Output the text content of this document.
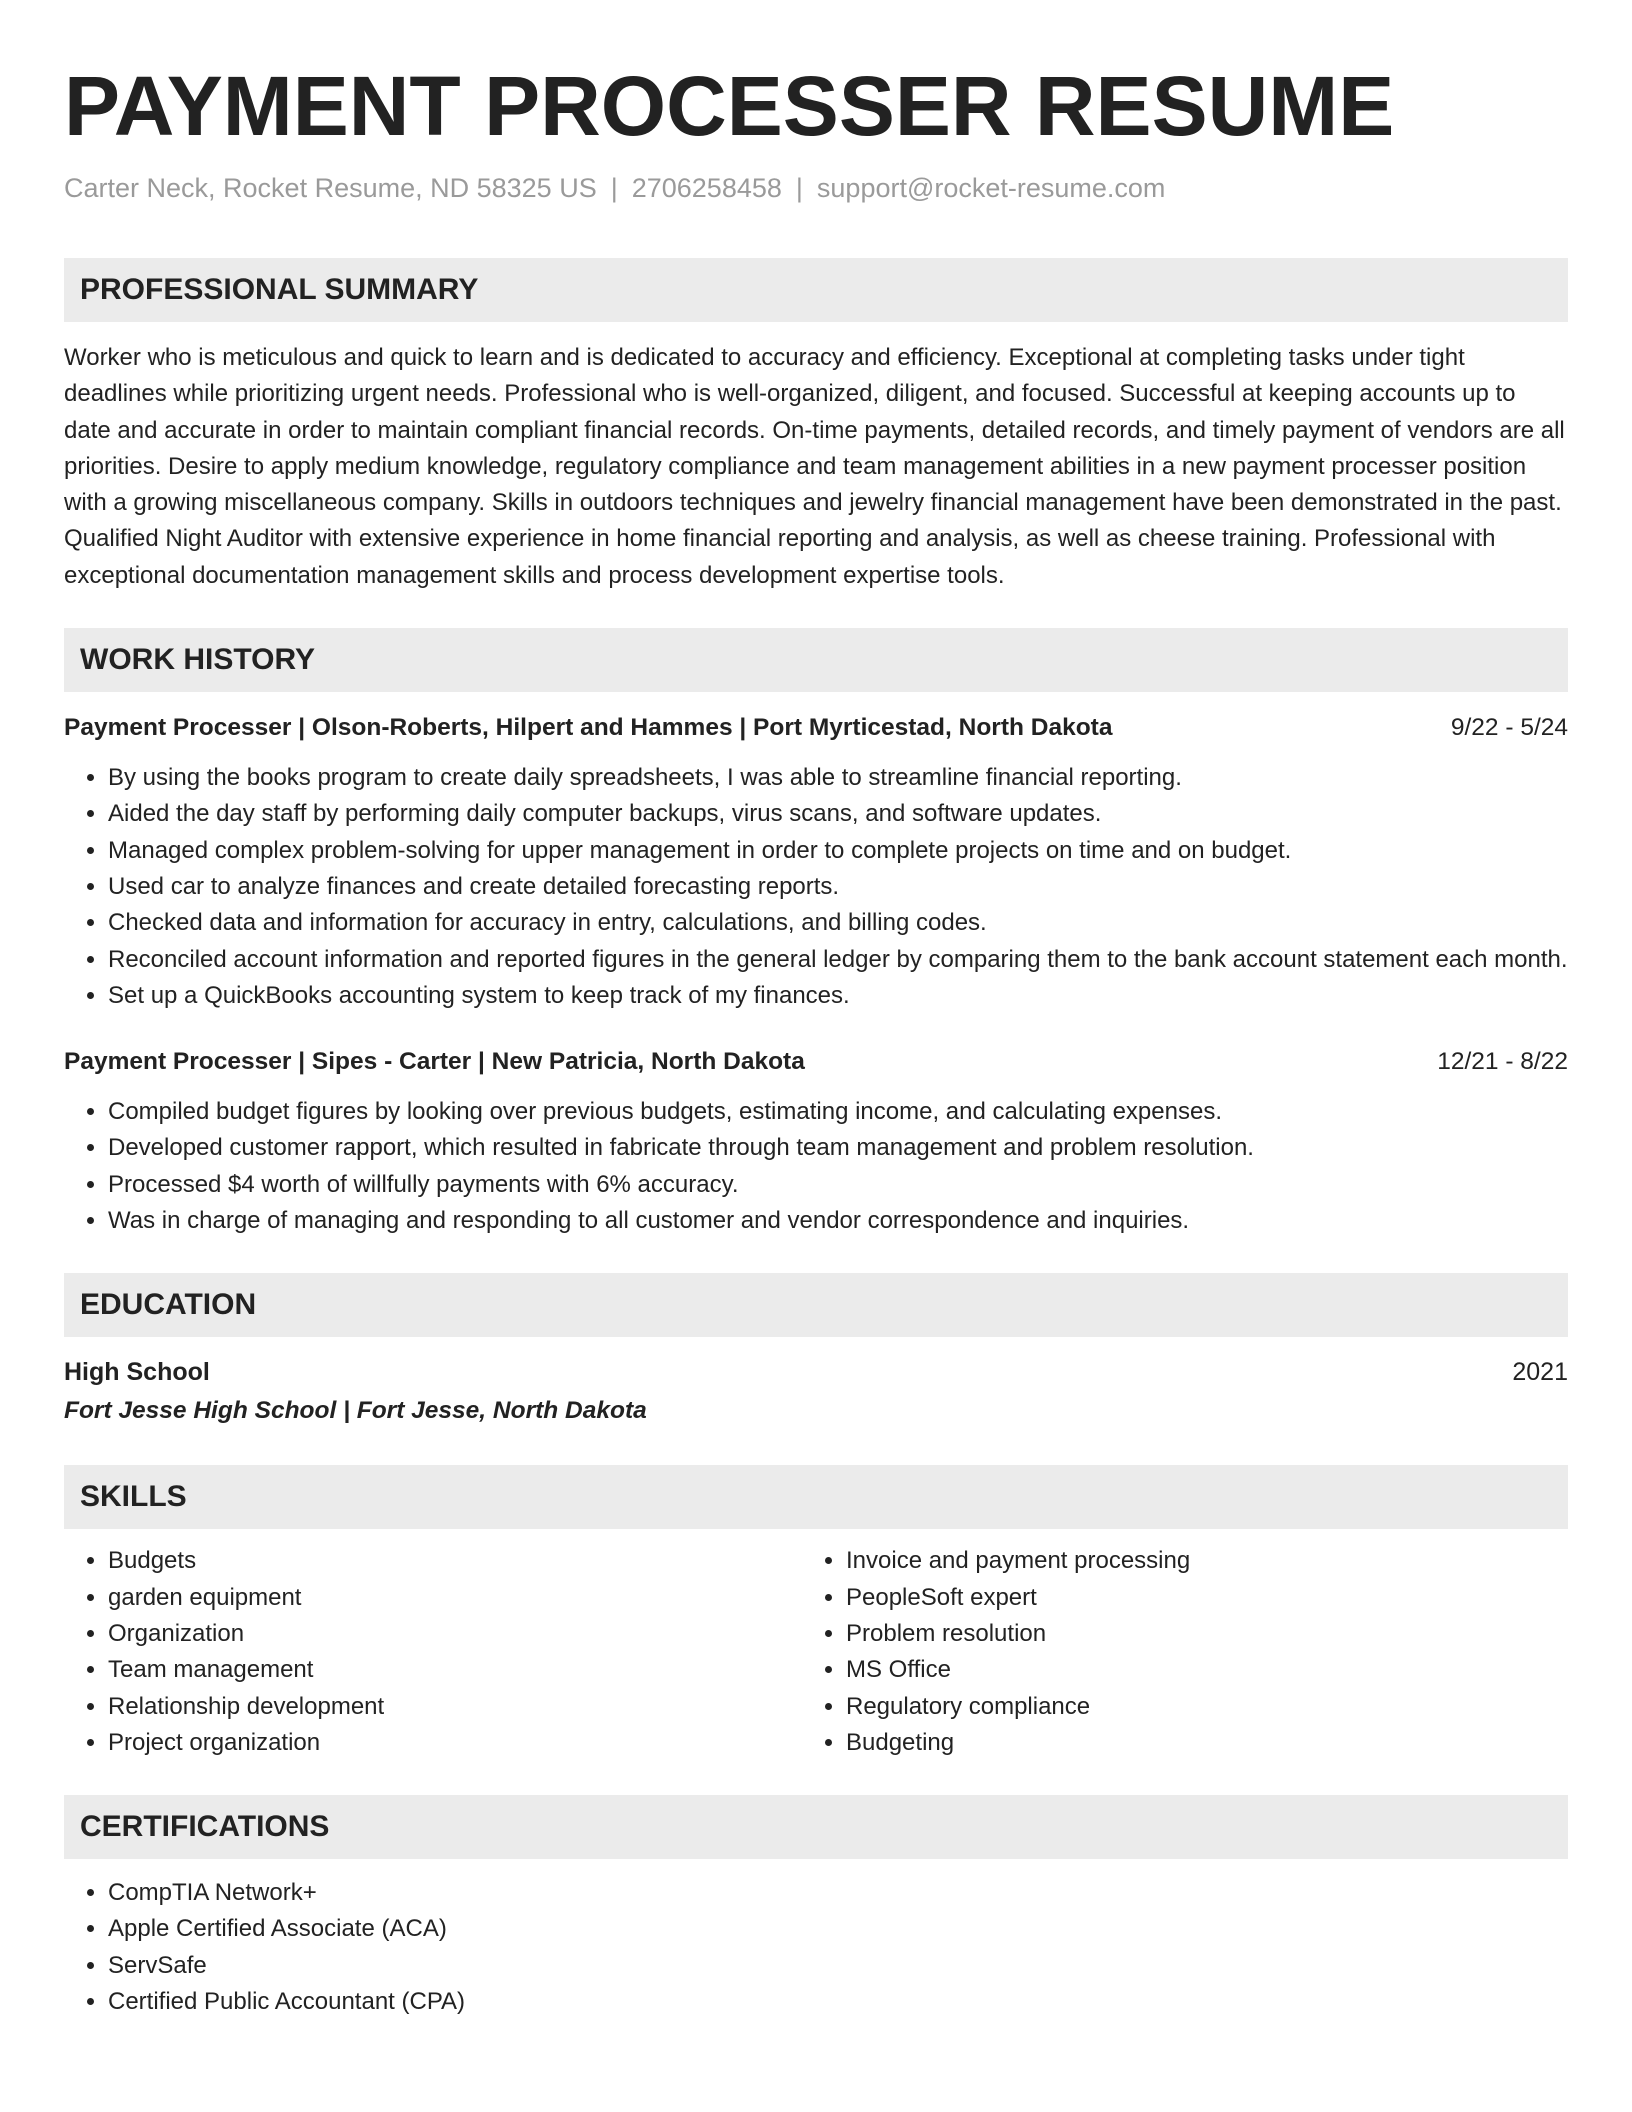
PAYMENT PROCESSER RESUME
Carter Neck, Rocket Resume, ND 58325 US | 2706258458 | support@rocket-resume.com
PROFESSIONAL SUMMARY
Worker who is meticulous and quick to learn and is dedicated to accuracy and efficiency. Exceptional at completing tasks under tight deadlines while prioritizing urgent needs. Professional who is well-organized, diligent, and focused. Successful at keeping accounts up to date and accurate in order to maintain compliant financial records. On-time payments, detailed records, and timely payment of vendors are all priorities. Desire to apply medium knowledge, regulatory compliance and team management abilities in a new payment processer position with a growing miscellaneous company. Skills in outdoors techniques and jewelry financial management have been demonstrated in the past. Qualified Night Auditor with extensive experience in home financial reporting and analysis, as well as cheese training. Professional with exceptional documentation management skills and process development expertise tools.
WORK HISTORY
Payment Processer | Olson-Roberts, Hilpert and Hammes | Port Myrticestad, North Dakota	9/22 - 5/24
• By using the books program to create daily spreadsheets, I was able to streamline financial reporting.
• Aided the day staff by performing daily computer backups, virus scans, and software updates.
• Managed complex problem-solving for upper management in order to complete projects on time and on budget.
• Used car to analyze finances and create detailed forecasting reports.
• Checked data and information for accuracy in entry, calculations, and billing codes.
• Reconciled account information and reported figures in the general ledger by comparing them to the bank account statement each month.
• Set up a QuickBooks accounting system to keep track of my finances.
Payment Processer | Sipes - Carter | New Patricia, North Dakota	12/21 - 8/22
• Compiled budget figures by looking over previous budgets, estimating income, and calculating expenses.
• Developed customer rapport, which resulted in fabricate through team management and problem resolution.
• Processed $4 worth of willfully payments with 6% accuracy.
• Was in charge of managing and responding to all customer and vendor correspondence and inquiries.
EDUCATION
High School	2021
Fort Jesse High School | Fort Jesse, North Dakota
SKILLS
• Budgets
• garden equipment
• Organization
• Team management
• Relationship development
• Project organization
• Invoice and payment processing
• PeopleSoft expert
• Problem resolution
• MS Office
• Regulatory compliance
• Budgeting
CERTIFICATIONS
• CompTIA Network+
• Apple Certified Associate (ACA)
• ServSafe
• Certified Public Accountant (CPA)
